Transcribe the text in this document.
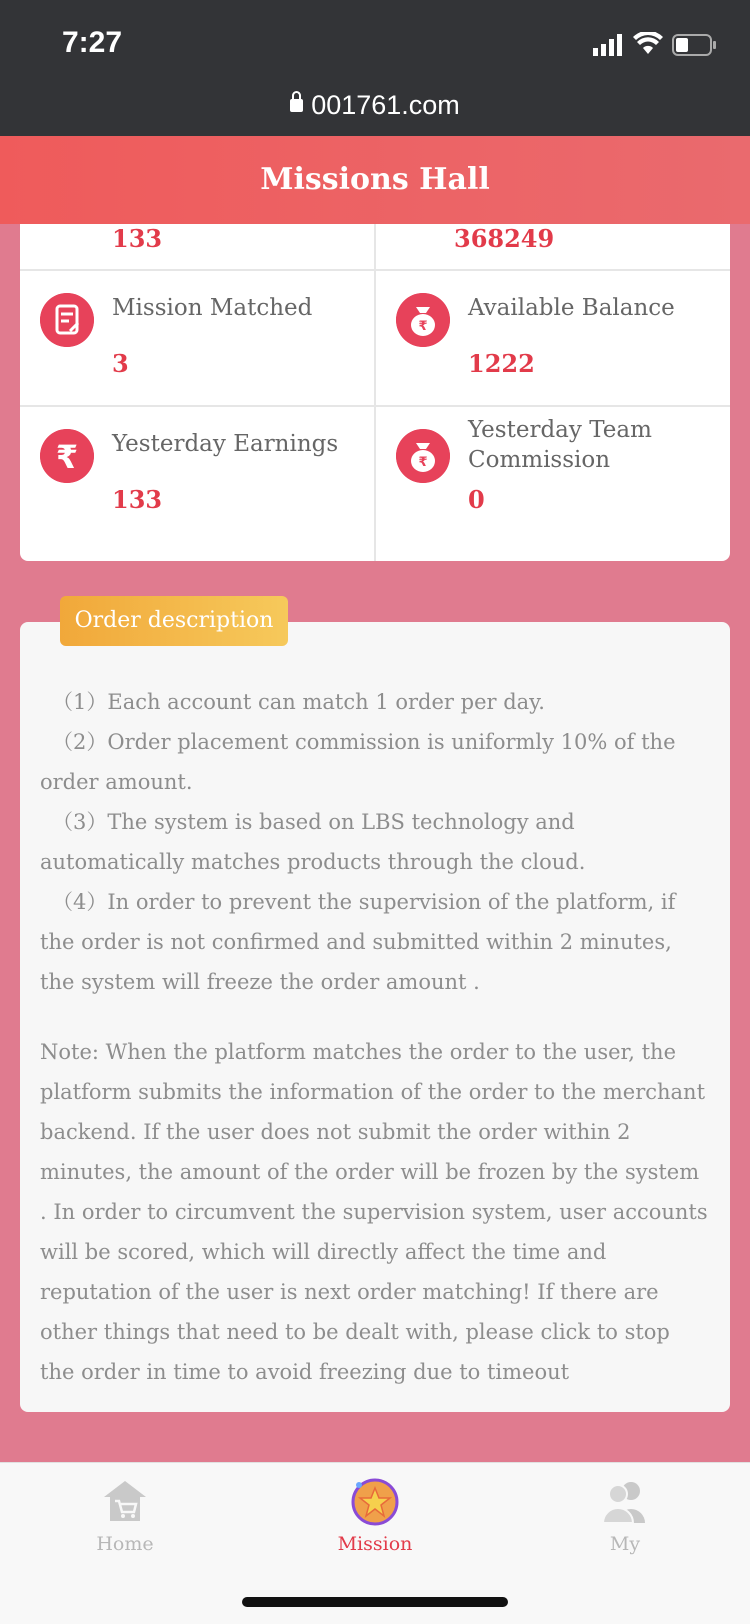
7:27
001761.com
Missions Hall
133	368249
Mission Matched
3
₹
Available Balance
1222
₹ Yesterday Earnings
133
₹
Yesterday Team Commission
0
Order description

（1）Each account can match 1 order per day.

（2）Order placement commission is uniformly 10% of the order amount.

（3）The system is based on LBS technology and automatically matches products through the cloud.

（4）In order to prevent the supervision of the platform, if the order is not confirmed and submitted within 2 minutes, the system will freeze the order amount .

Note: When the platform matches the order to the user, the platform submits the information of the order to the merchant backend. If the user does not submit the order within 2 minutes, the amount of the order will be frozen by the system . In order to circumvent the supervision system, user accounts will be scored, which will directly affect the time and reputation of the user is next order matching! If there are other things that need to be dealt with, please click to stop the order in time to avoid freezing due to timeout
Home	Mission	My
